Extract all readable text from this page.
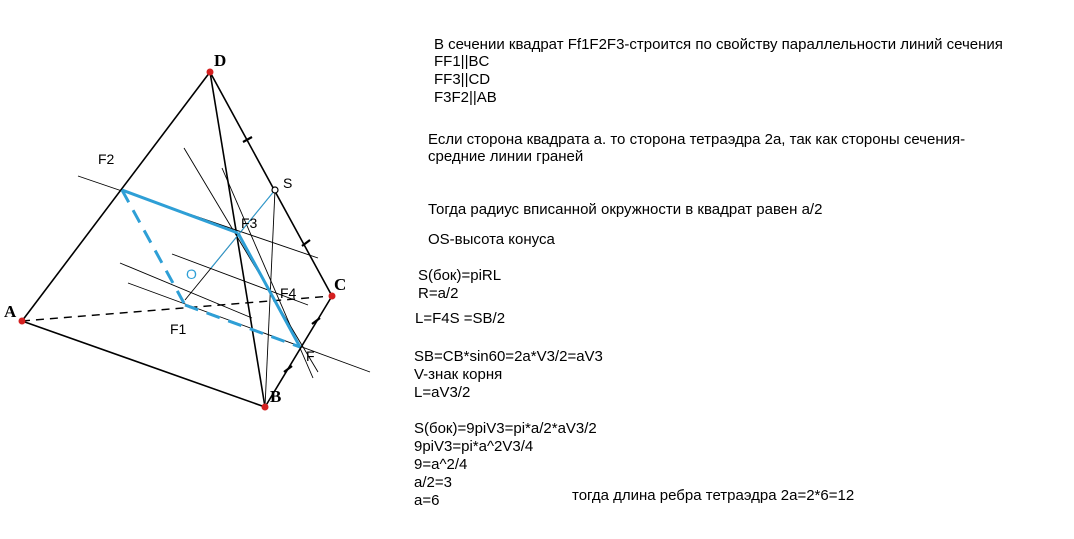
A
B
C
D
F2
F3
F4
F1
F
S
O
В сечении квадрат Ff1F2F3-строится по свойству параллельности линий сечения
FF1||BC
FF3||CD
F3F2||AB
Если сторона квадрата а. то сторона тетраэдра 2а, так как стороны сечения-
средние линии граней
Тогда радиус вписанной окружности в квадрат равен а/2
OS-высота конуса
S(бок)=piRL
R=a/2
L=F4S =SB/2
SB=CB*sin60=2a*V3/2=aV3
V-знак корня
L=aV3/2
S(бок)=9piV3=pi*a/2*aV3/2
9piV3=pi*a^2V3/4
9=a^2/4
a/2=3
a=6	тогда длина ребра тетраэдра 2а=2*6=12
